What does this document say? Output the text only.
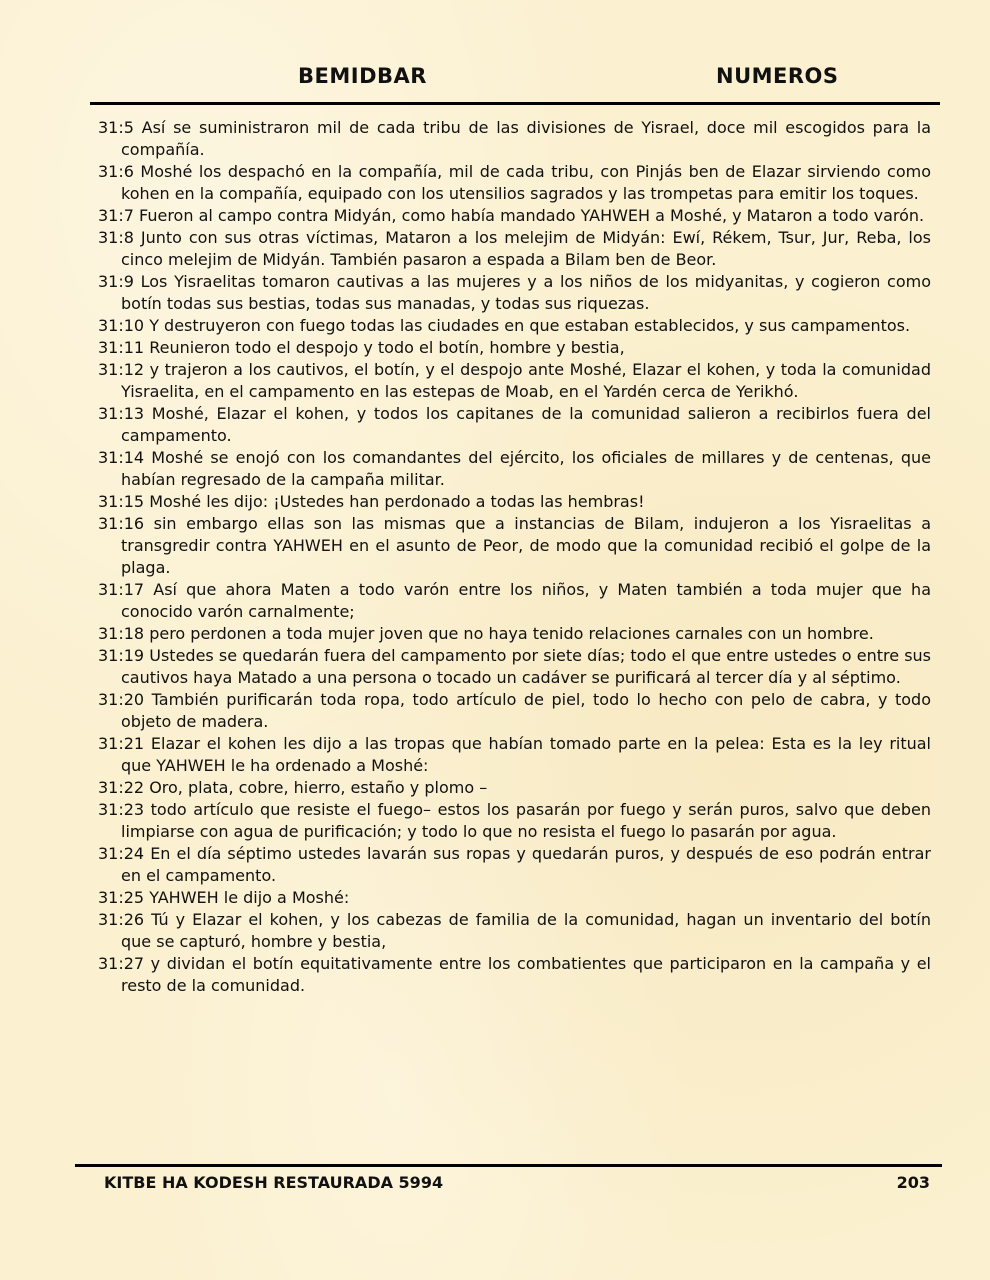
BEMIDBAR	NUMEROS

31:5 Así se suministraron mil de cada tribu de las divisiones de Yisrael, doce mil escogidos para la compañía.

31:6 Moshé los despachó en la compañía, mil de cada tribu, con Pinjás ben de Elazar sirviendo como kohen en la compañía, equipado con los utensilios sagrados y las trompetas para emitir los toques.

31:7 Fueron al campo contra Midyán, como había mandado YAHWEH a Moshé, y Mataron a todo varón.

31:8 Junto con sus otras víctimas, Mataron a los melejim de Midyán: Ewí, Rékem, Tsur, Jur, Reba, los cinco melejim de Midyán. También pasaron a espada a Bilam ben de Beor.

31:9 Los Yisraelitas tomaron cautivas a las mujeres y a los niños de los midyanitas, y cogieron como botín todas sus bestias, todas sus manadas, y todas sus riquezas.

31:10 Y destruyeron con fuego todas las ciudades en que estaban establecidos, y sus campamentos.

31:11 Reunieron todo el despojo y todo el botín, hombre y bestia,

31:12 y trajeron a los cautivos, el botín, y el despojo ante Moshé, Elazar el kohen, y toda la comunidad Yisraelita, en el campamento en las estepas de Moab, en el Yardén cerca de Yerikhó.

31:13 Moshé, Elazar el kohen, y todos los capitanes de la comunidad salieron a recibirlos fuera del campamento.

31:14 Moshé se enojó con los comandantes del ejército, los oficiales de millares y de centenas, que habían regresado de la campaña militar.

31:15 Moshé les dijo: ¡Ustedes han perdonado a todas las hembras!

31:16 sin embargo ellas son las mismas que a instancias de Bilam, indujeron a los Yisraelitas a transgredir contra YAHWEH en el asunto de Peor, de modo que la comunidad recibió el golpe de la plaga.

31:17 Así que ahora Maten a todo varón entre los niños, y Maten también a toda mujer que ha conocido varón carnalmente;

31:18 pero perdonen a toda mujer joven que no haya tenido relaciones carnales con un hombre.

31:19 Ustedes se quedarán fuera del campamento por siete días; todo el que entre ustedes o entre sus cautivos haya Matado a una persona o tocado un cadáver se purificará al tercer día y al séptimo.

31:20 También purificarán toda ropa, todo artículo de piel, todo lo hecho con pelo de cabra, y todo objeto de madera.

31:21 Elazar el kohen les dijo a las tropas que habían tomado parte en la pelea: Esta es la ley ritual que YAHWEH le ha ordenado a Moshé:

31:22 Oro, plata, cobre, hierro, estaño y plomo –

31:23 todo artículo que resiste el fuego– estos los pasarán por fuego y serán puros, salvo que deben limpiarse con agua de purificación; y todo lo que no resista el fuego lo pasarán por agua.

31:24 En el día séptimo ustedes lavarán sus ropas y quedarán puros, y después de eso podrán entrar en el campamento.

31:25 YAHWEH le dijo a Moshé:

31:26 Tú y Elazar el kohen, y los cabezas de familia de la comunidad, hagan un inventario del botín que se capturó, hombre y bestia,

31:27 y dividan el botín equitativamente entre los combatientes que participaron en la campaña y el resto de la comunidad.

KITBE HA KODESH RESTAURADA 5994	203
